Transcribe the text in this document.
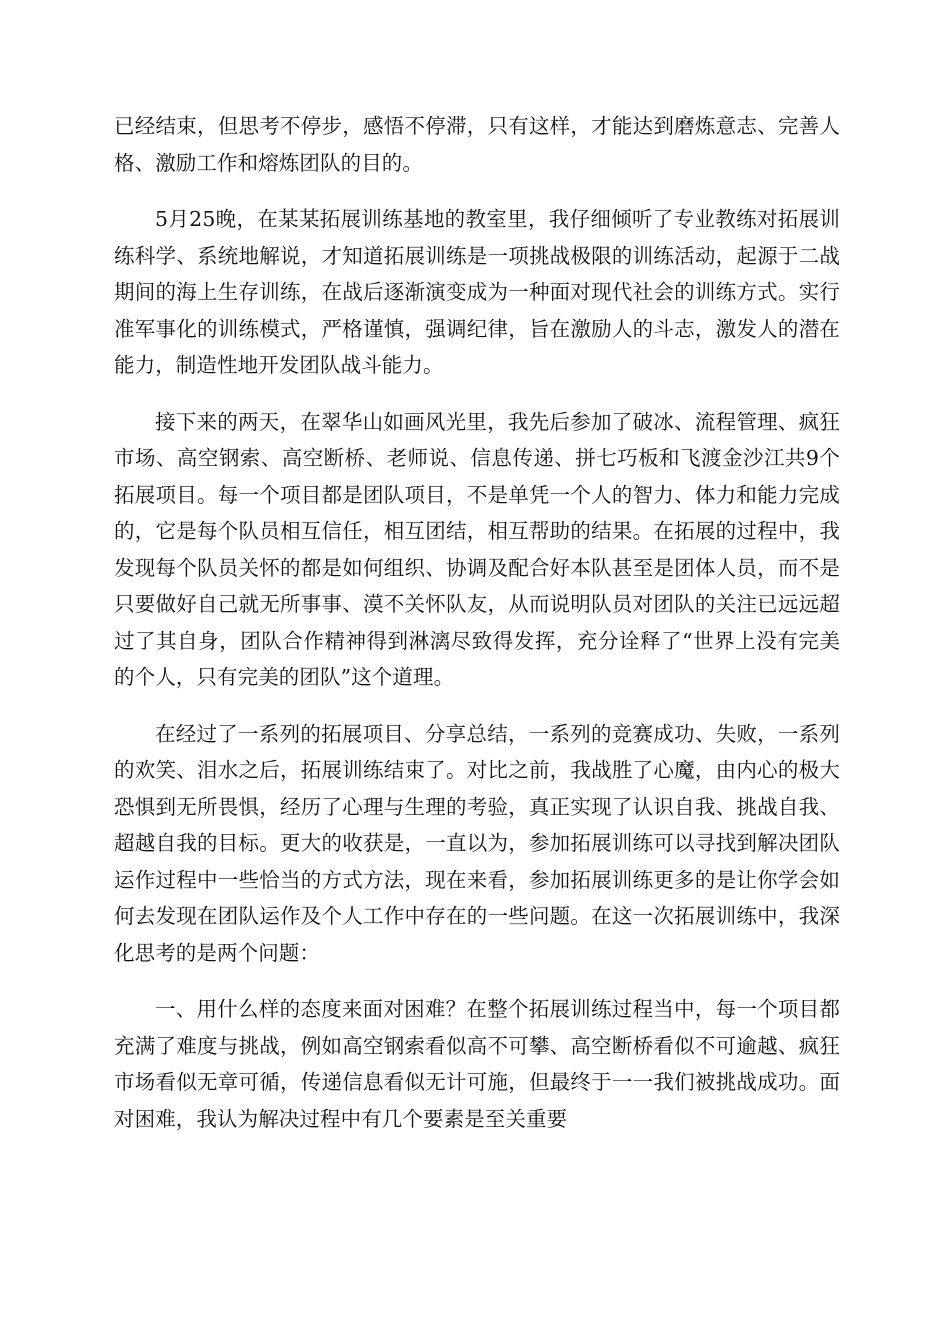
已经结束，但思考不停步，感悟不停滞，只有这样，才能达到磨炼意志、完善人格、激励工作和熔炼团队的目的。

5月25晚，在某某拓展训练基地的教室里，我仔细倾听了专业教练对拓展训练科学、系统地解说，才知道拓展训练是一项挑战极限的训练活动，起源于二战期间的海上生存训练，在战后逐渐演变成为一种面对现代社会的训练方式。实行准军事化的训练模式，严格谨慎，强调纪律，旨在激励人的斗志，激发人的潜在能力，制造性地开发团队战斗能力。

接下来的两天，在翠华山如画风光里，我先后参加了破冰、流程管理、疯狂市场、高空钢索、高空断桥、老师说、信息传递、拼七巧板和飞渡金沙江共9个拓展项目。每一个项目都是团队项目，不是单凭一个人的智力、体力和能力完成的，它是每个队员相互信任，相互团结，相互帮助的结果。在拓展的过程中，我发现每个队员关怀的都是如何组织、协调及配合好本队甚至是团体人员，而不是只要做好自己就无所事事、漠不关怀队友，从而说明队员对团队的关注已远远超过了其自身，团队合作精神得到淋漓尽致得发挥，充分诠释了“世界上没有完美的个人，只有完美的团队”这个道理。

在经过了一系列的拓展项目、分享总结，一系列的竞赛成功、失败，一系列的欢笑、泪水之后，拓展训练结束了。对比之前，我战胜了心魔，由内心的极大恐惧到无所畏惧，经历了心理与生理的考验，真正实现了认识自我、挑战自我、超越自我的目标。更大的收获是，一直以为，参加拓展训练可以寻找到解决团队运作过程中一些恰当的方式方法，现在来看，参加拓展训练更多的是让你学会如何去发现在团队运作及个人工作中存在的一些问题。在这一次拓展训练中，我深化思考的是两个问题：

一、用什么样的态度来面对困难？在整个拓展训练过程当中，每一个项目都充满了难度与挑战，例如高空钢索看似高不可攀、高空断桥看似不可逾越、疯狂市场看似无章可循，传递信息看似无计可施，但最终于一一我们被挑战成功。面对困难，我认为解决过程中有几个要素是至关重要
